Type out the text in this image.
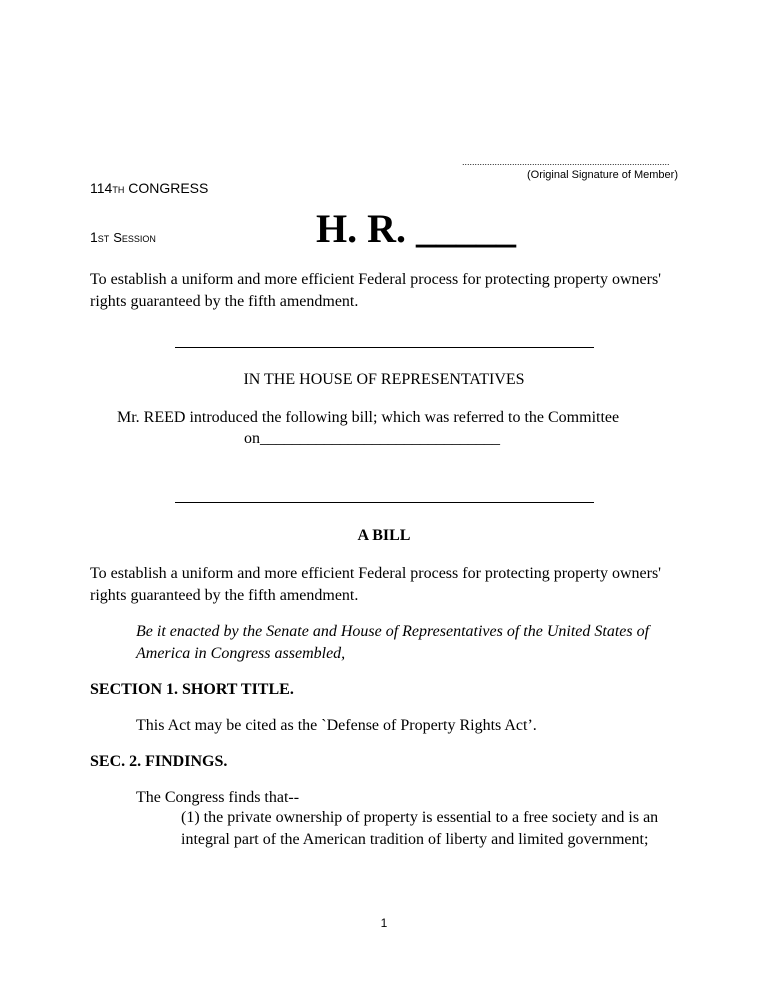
...................................................................................
(Original Signature of Member)
114TH CONGRESS
1ST SESSION	H. R. _____
To establish a uniform and more efficient Federal process for protecting property owners' rights guaranteed by the fifth amendment.
IN THE HOUSE OF REPRESENTATIVES
Mr. REED introduced the following bill; which was referred to the Committee
on______________________________
A BILL
To establish a uniform and more efficient Federal process for protecting property owners' rights guaranteed by the fifth amendment.
Be it enacted by the Senate and House of Representatives of the United States of America in Congress assembled,
SECTION 1. SHORT TITLE.
This Act may be cited as the `Defense of Property Rights Act’.
SEC. 2. FINDINGS.
The Congress finds that--
(1) the private ownership of property is essential to a free society and is an integral part of the American tradition of liberty and limited government;
1
